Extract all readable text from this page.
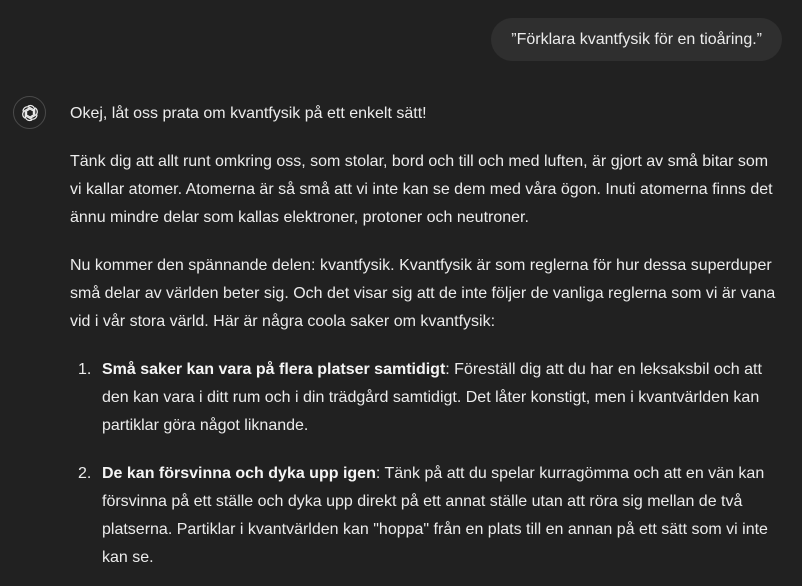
”Förklara kvantfysik för en tioåring.”

Okej, låt oss prata om kvantfysik på ett enkelt sätt!

Tänk dig att allt runt omkring oss, som stolar, bord och till och med luften, är gjort av små bitar som vi kallar atomer. Atomerna är så små att vi inte kan se dem med våra ögon. Inuti atomerna finns det ännu mindre delar som kallas elektroner, protoner och neutroner.

Nu kommer den spännande delen: kvantfysik. Kvantfysik är som reglerna för hur dessa superduper små delar av världen beter sig. Och det visar sig att de inte följer de vanliga reglerna som vi är vana vid i vår stora värld. Här är några coola saker om kvantfysik:

1. Små saker kan vara på flera platser samtidigt: Föreställ dig att du har en leksaksbil och att den kan vara i ditt rum och i din trädgård samtidigt. Det låter konstigt, men i kvantvärlden kan partiklar göra något liknande.
2. De kan försvinna och dyka upp igen: Tänk på att du spelar kurragömma och att en vän kan försvinna på ett ställe och dyka upp direkt på ett annat ställe utan att röra sig mellan de två platserna. Partiklar i kvantvärlden kan "hoppa" från en plats till en annan på ett sätt som vi inte kan se.
